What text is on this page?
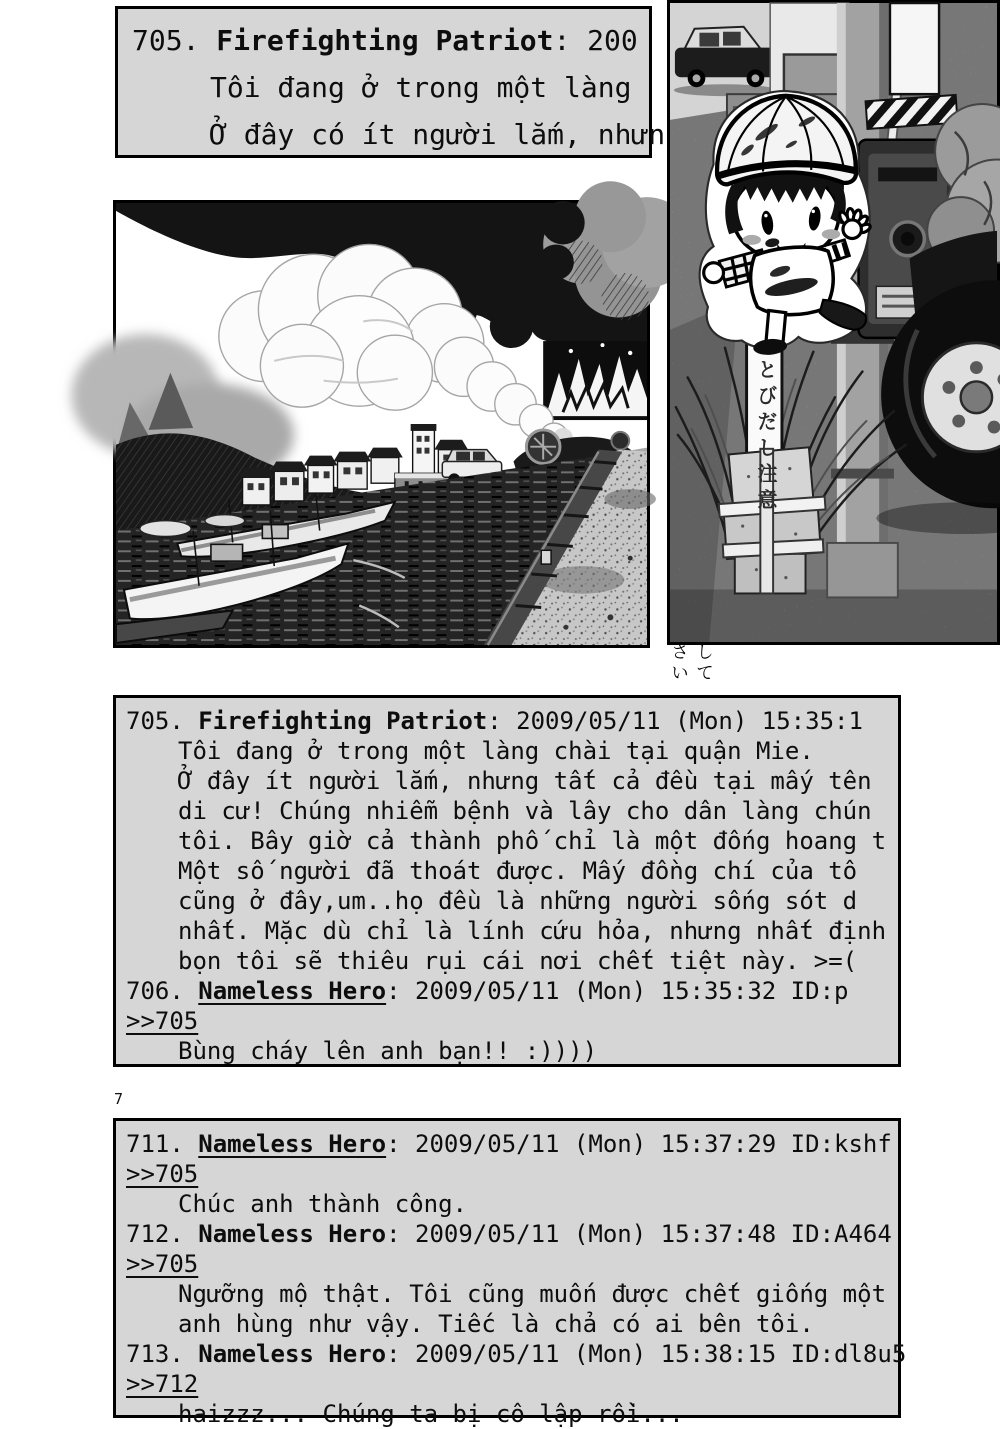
705. Firefighting Patriot: 200
Tôi đang ở trong một làng
Ở đây có ít người lắm, nhưn
とびだし注意
さい して
705. Firefighting Patriot: 2009/05/11 (Mon) 15:35:1
Tôi đang ở trong một làng chài tại quận Mie.
Ở đây ít người lắm, nhưng tất cả đều tại mấy tên
di cư! Chúng nhiễm bệnh và lây cho dân làng chún
tôi. Bây giờ cả thành phố chỉ là một đống hoang t
Một số người đã thoát được. Mấy đồng chí của tô
cũng ở đây,um..họ đều là những người sống sót d
nhất. Mặc dù chỉ là lính cứu hỏa, nhưng nhất định
bọn tôi sẽ thiêu rụi cái nơi chết tiệt này. >=(
706. Nameless Hero: 2009/05/11 (Mon) 15:35:32 ID:p
>>705
Bùng cháy lên anh bạn!! :))))
7
711. Nameless Hero: 2009/05/11 (Mon) 15:37:29 ID:kshf
>>705
Chúc anh thành công.
712. Nameless Hero: 2009/05/11 (Mon) 15:37:48 ID:A464
>>705
Ngưỡng mộ thật. Tôi cũng muốn được chết giống một
anh hùng như vậy. Tiếc là chả có ai bên tôi.
713. Nameless Hero: 2009/05/11 (Mon) 15:38:15 ID:dl8u5
>>712
haizzz... Chúng ta bị cô lập rồi...
